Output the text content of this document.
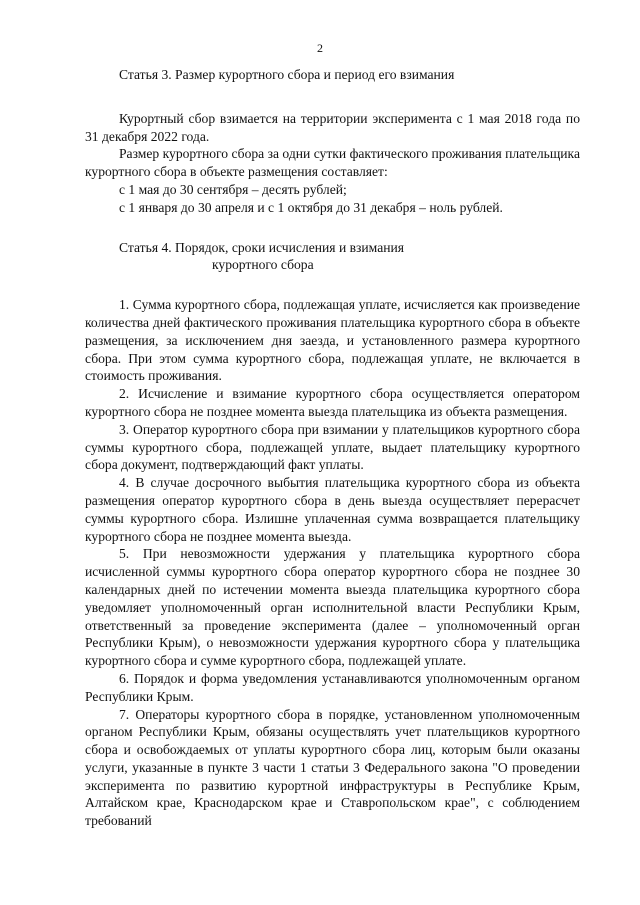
2

Статья 3. Размер курортного сбора и период его взимания

Курортный сбор взимается на территории эксперимента с 1 мая 2018 года по 31 декабря 2022 года.

Размер курортного сбора за одни сутки фактического проживания плательщика курортного сбора в объекте размещения составляет:

с 1 мая до 30 сентября – десять рублей;

с 1 января до 30 апреля и с 1 октября до 31 декабря – ноль рублей.

Статья 4. Порядок, сроки исчисления и взимания

курортного сбора

1. Сумма курортного сбора, подлежащая уплате, исчисляется как произведение количества дней фактического проживания плательщика курортного сбора в объекте размещения, за исключением дня заезда, и установленного размера курортного сбора. При этом сумма курортного сбора, подлежащая уплате, не включается в стоимость проживания.

2. Исчисление и взимание курортного сбора осуществляется оператором курортного сбора не позднее момента выезда плательщика из объекта размещения.

3. Оператор курортного сбора при взимании у плательщиков курортного сбора суммы курортного сбора, подлежащей уплате, выдает плательщику курортного сбора документ, подтверждающий факт уплаты.

4. В случае досрочного выбытия плательщика курортного сбора из объекта размещения оператор курортного сбора в день выезда осуществляет перерасчет суммы курортного сбора. Излишне уплаченная сумма возвращается плательщику курортного сбора не позднее момента выезда.

5. При невозможности удержания у плательщика курортного сбора исчисленной суммы курортного сбора оператор курортного сбора не позднее 30 календарных дней по истечении момента выезда плательщика курортного сбора уведомляет уполномоченный орган исполнительной власти Республики Крым, ответственный за проведение эксперимента (далее – уполномоченный орган Республики Крым), о невозможности удержания курортного сбора у плательщика курортного сбора и сумме курортного сбора, подлежащей уплате.

6. Порядок и форма уведомления устанавливаются уполномоченным органом Республики Крым.

7. Операторы курортного сбора в порядке, установленном уполномоченным органом Республики Крым, обязаны осуществлять учет плательщиков курортного сбора и освобождаемых от уплаты курортного сбора лиц, которым были оказаны услуги, указанные в пункте 3 части 1 статьи 3 Федерального закона "О проведении эксперимента по развитию курортной инфраструктуры в Республике Крым, Алтайском крае, Краснодарском крае и Ставропольском крае", с соблюдением требований
